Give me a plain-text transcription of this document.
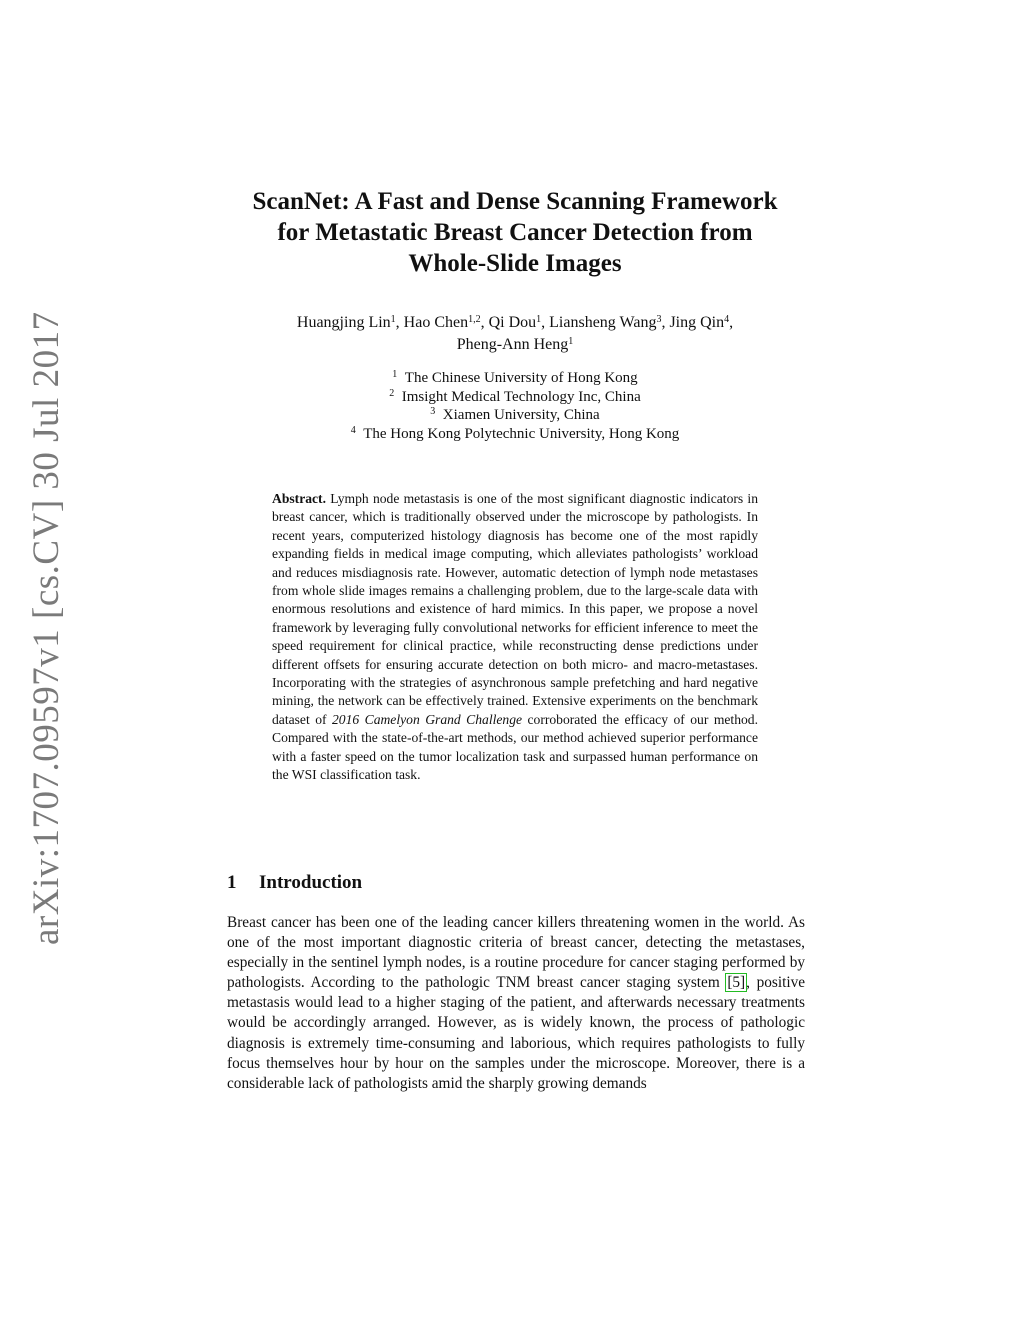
arXiv:1707.09597v1 [cs.CV] 30 Jul 2017
ScanNet: A Fast and Dense Scanning Framework
for Metastatic Breast Cancer Detection from
Whole-Slide Images
Huangjing Lin$^1$, Hao Chen$^{1,2}$, Qi Dou$^1$, Liansheng Wang$^3$, Jing Qin$^4$,
Pheng-Ann Heng$^1$
$^1$ The Chinese University of Hong Kong
$^2$ Imsight Medical Technology Inc, China
$^3$ Xiamen University, China
$^4$ The Hong Kong Polytechnic University, Hong Kong
Abstract. Lymph node metastasis is one of the most significant diagnostic indicators in breast cancer, which is traditionally observed under the microscope by pathologists. In recent years, computerized histology diagnosis has become one of the most rapidly expanding fields in medical image computing, which alleviates pathologists’ workload and reduces misdiagnosis rate. However, automatic detection of lymph node metastases from whole slide images remains a challenging problem, due to the large-scale data with enormous resolutions and existence of hard mimics. In this paper, we propose a novel framework by leveraging fully convolutional networks for efficient inference to meet the speed requirement for clinical practice, while reconstructing dense predictions under different offsets for ensuring accurate detection on both micro- and macro-metastases. Incorporating with the strategies of asynchronous sample prefetching and hard negative mining, the network can be effectively trained. Extensive experiments on the benchmark dataset of 2016 Camelyon Grand Challenge corroborated the efficacy of our method. Compared with the state-of-the-art methods, our method achieved superior performance with a faster speed on the tumor localization task and surpassed human performance on the WSI classification task.
1 Introduction
Breast cancer has been one of the leading cancer killers threatening women in the world. As one of the most important diagnostic criteria of breast cancer, detecting the metastases, especially in the sentinel lymph nodes, is a routine procedure for cancer staging performed by pathologists. According to the pathologic TNM breast cancer staging system [5], positive metastasis would lead to a higher staging of the patient, and afterwards necessary treatments would be accordingly arranged. However, as is widely known, the process of pathologic diagnosis is extremely time-consuming and laborious, which requires pathologists to fully focus themselves hour by hour on the samples under the microscope. Moreover, there is a considerable lack of pathologists amid the sharply growing demands
